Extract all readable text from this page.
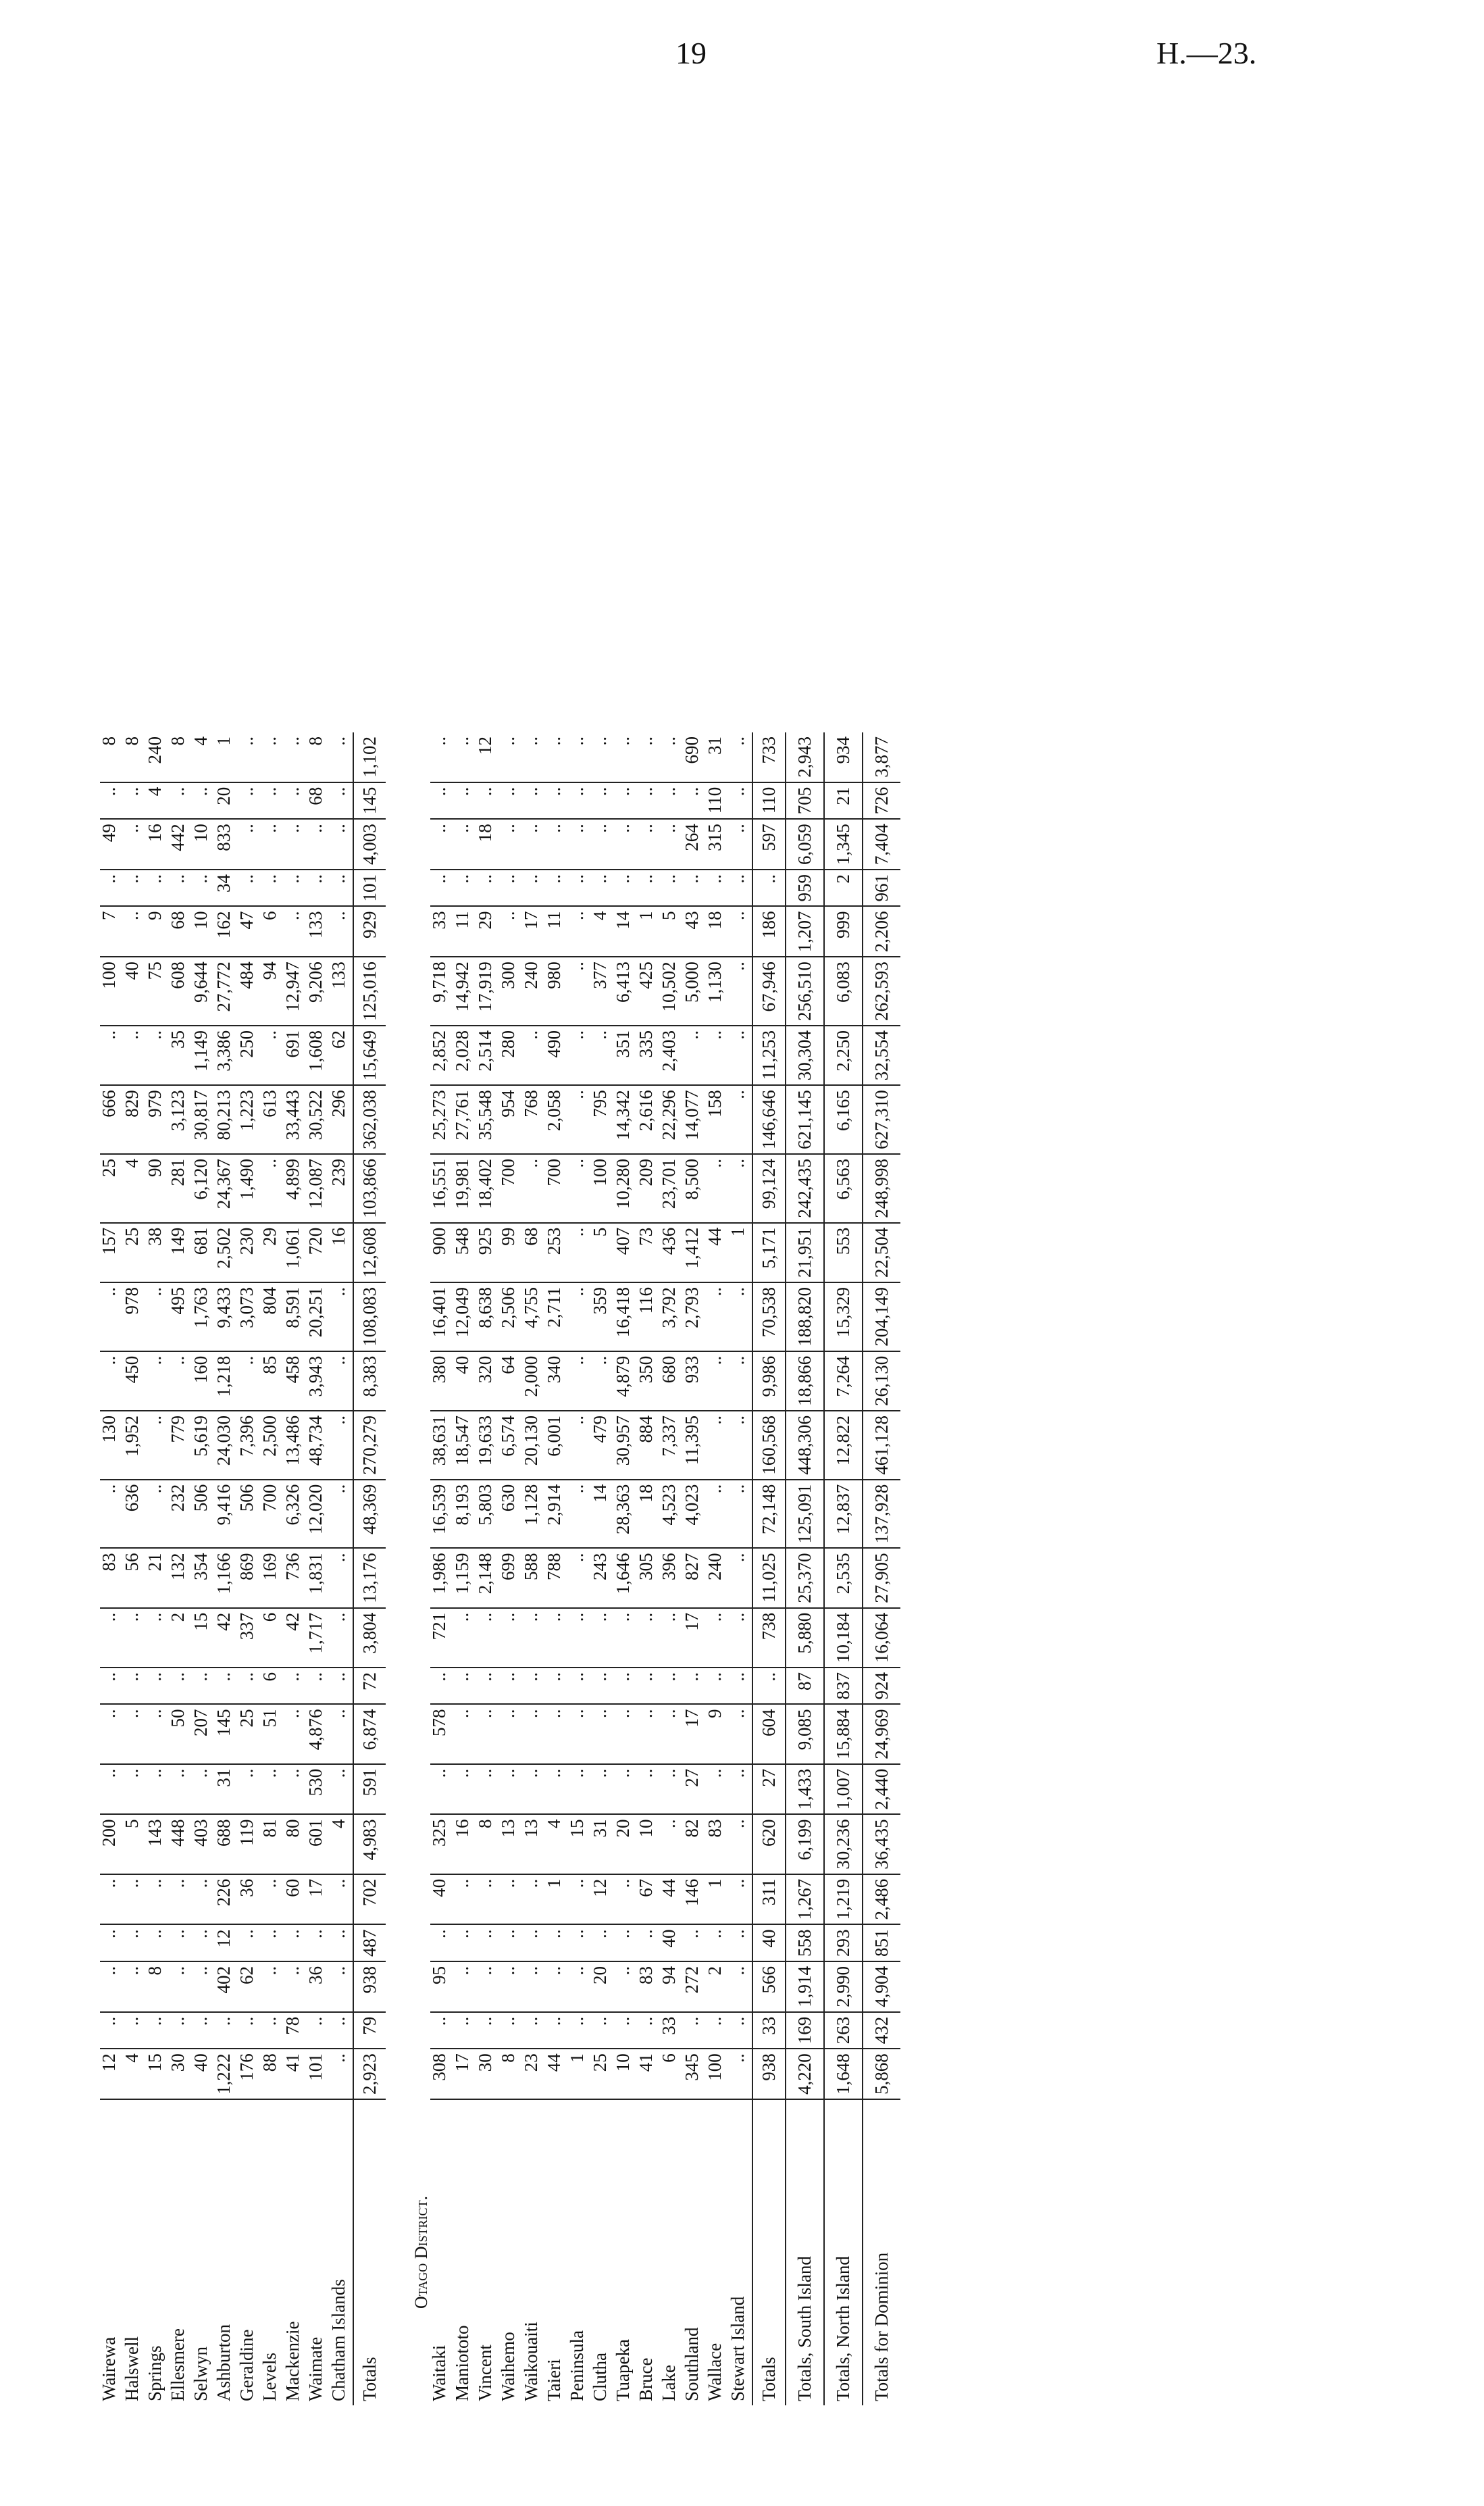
19	H.—23.
Wairewa	12	..	..	..	..	200	..	..	..	..	83	..	130	..	..	157	25	666	..	100	7	..	49	..	8
Halswell	4	..	..	..	..	5	..	..	..	..	56	636	1,952	450	978	25	4	829	..	40	..	..	..	..	8
Springs	15	..	8	..	..	143	..	..	..	..	21	..	..	..	..	38	90	979	..	75	9	..	16	4	240
Ellesmere	30	..	..	..	..	448	..	50	..	2	132	232	779	..	495	149	281	3,123	35	608	68	..	442	..	8
Selwyn	40	..	..	..	..	403	..	207	..	15	354	506	5,619	160	1,763	681	6,120	30,817	1,149	9,644	10	..	10	..	4
Ashburton	1,222	..	402	12	226	688	31	145	..	42	1,166	9,416	24,030	1,218	9,433	2,502	24,367	80,213	3,386	27,772	162	34	833	20	1
Geraldine	176	..	62	..	36	119	..	25	..	337	869	506	7,396	..	3,073	230	1,490	1,223	250	484	47	..	..	..	..
Levels	88	..	..	..	..	81	..	51	6	6	169	700	2,500	85	804	29	..	613	..	94	6	..	..	..	..
Mackenzie	41	78	..	..	60	80	..	..	..	42	736	6,326	13,486	458	8,591	1,061	4,899	33,443	691	12,947	..	..	..	..	..
Waimate	101	..	36	..	17	601	530	4,876	..	1,717	1,831	12,020	48,734	3,943	20,251	720	12,087	30,522	1,608	9,206	133	..	..	68	8
Chatham Islands	..	..	..	..	..	4	..	..	..	..	..	..	..	..	..	16	239	296	62	133	..	..	..	..	..
Totals	2,923	79	938	487	702	4,983	591	6,874	72	3,804	13,176	48,369	270,279	8,383	108,083	12,608	103,866	362,038	15,649	125,016	929	101	4,003	145	1,102
Otago District.																									
Waitaki	308	..	95	..	40	325	..	578	..	721	1,986	16,539	38,631	380	16,401	900	16,551	25,273	2,852	9,718	33	..	..	..	..
Maniototo	17	..	..	..	..	16	..	..	..	..	1,159	8,193	18,547	40	12,049	548	19,981	27,761	2,028	14,942	11	..	..	..	..
Vincent	30	..	..	..	..	8	..	..	..	..	2,148	5,803	19,633	320	8,638	925	18,402	35,548	2,514	17,919	29	..	18	..	12
Waihemo	8	..	..	..	..	13	..	..	..	..	699	630	6,574	64	2,506	99	700	954	280	300	..	..	..	..	..
Waikouaiti	23	..	..	..	..	13	..	..	..	..	588	1,128	20,130	2,000	4,755	68	..	768	..	240	17	..	..	..	..
Taieri	44	..	..	..	1	4	..	..	..	..	788	2,914	6,001	340	2,711	253	700	2,058	490	980	11	..	..	..	..
Peninsula	1	..	..	..	..	15	..	..	..	..	..	..	..	..	..	..	..	..	..	..	..	..	..	..	..
Clutha	25	..	20	..	12	31	..	..	..	..	243	14	479	..	359	5	100	795	..	377	4	..	..	..	..
Tuapeka	10	..	..	..	..	20	..	..	..	..	1,646	28,363	30,957	4,879	16,418	407	10,280	14,342	351	6,413	14	..	..	..	..
Bruce	41	..	83	..	67	10	..	..	..	..	305	18	884	350	116	73	209	2,616	335	425	1	..	..	..	..
Lake	6	33	94	40	44	..	..	..	..	..	396	4,523	7,337	680	3,792	436	23,701	22,296	2,403	10,502	5	..	..	..	..
Southland	345	..	272	..	146	82	27	17	..	17	827	4,023	11,395	933	2,793	1,412	8,500	14,077	..	5,000	43	..	264	..	690
Wallace	100	..	2	..	1	83	..	9	..	..	240	..	..	..	..	44	..	158	..	1,130	18	..	315	110	31
Stewart Island	..	..	..	..	..	..	..	..	..	..	..	..	..	..	..	1	..	..	..	..	..	..	..	..	..
Totals	938	33	566	40	311	620	27	604	..	738	11,025	72,148	160,568	9,986	70,538	5,171	99,124	146,646	11,253	67,946	186	..	597	110	733
Totals, South Island	4,220	169	1,914	558	1,267	6,199	1,433	9,085	87	5,880	25,370	125,091	448,306	18,866	188,820	21,951	242,435	621,145	30,304	256,510	1,207	959	6,059	705	2,943
Totals, North Island	1,648	263	2,990	293	1,219	30,236	1,007	15,884	837	10,184	2,535	12,837	12,822	7,264	15,329	553	6,563	6,165	2,250	6,083	999	2	1,345	21	934
Totals for Dominion	5,868	432	4,904	851	2,486	36,435	2,440	24,969	924	16,064	27,905	137,928	461,128	26,130	204,149	22,504	248,998	627,310	32,554	262,593	2,206	961	7,404	726	3,877
